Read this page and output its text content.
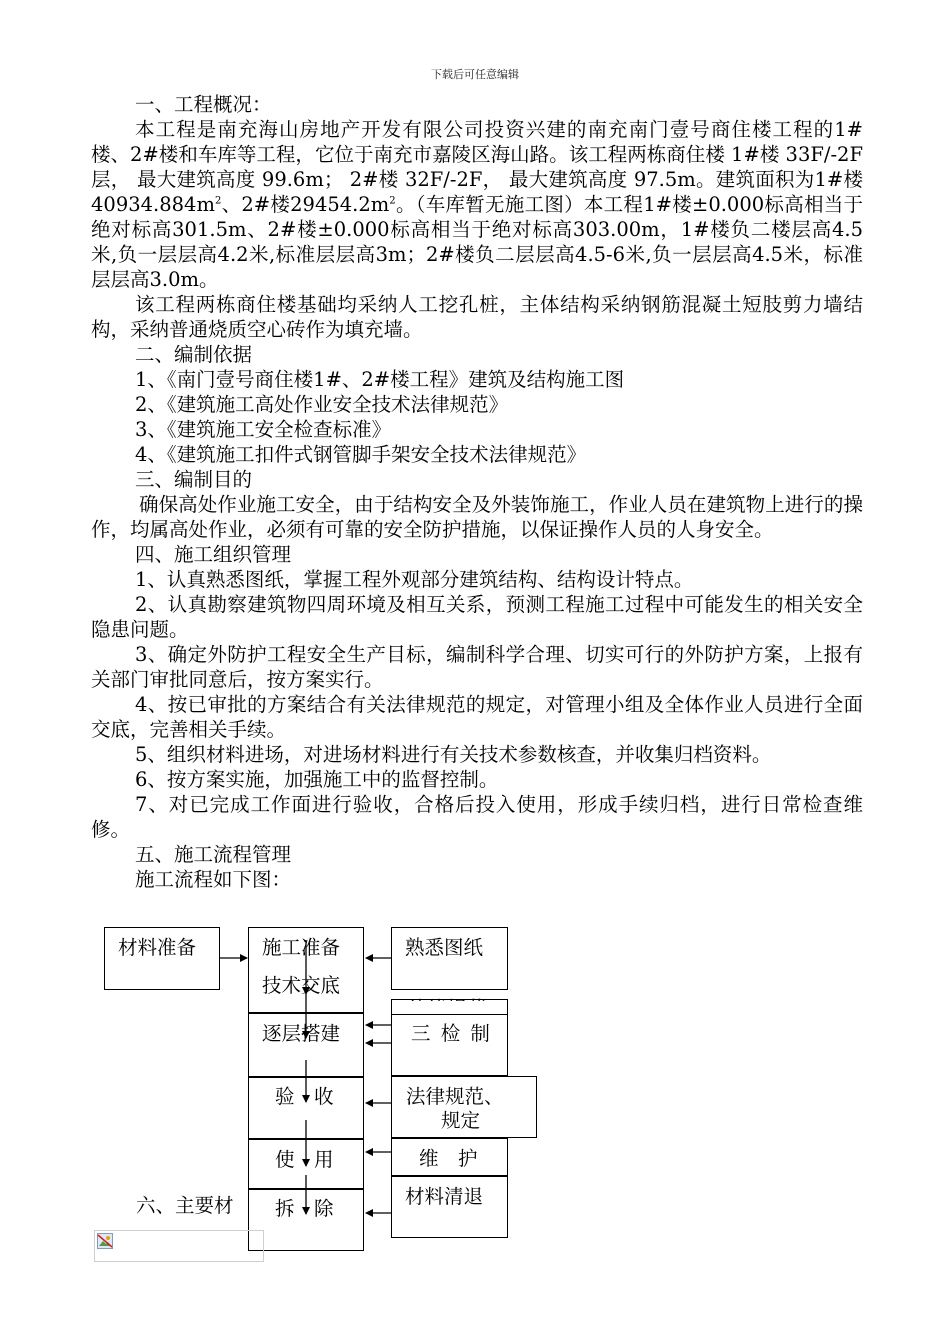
下载后可任意编辑

一、工程概况：

本工程是南充海山房地产开发有限公司投资兴建的南充南门壹号商住楼工程的1#楼、2#楼和车库等工程，它位于南充市嘉陵区海山路。该工程两栋商住楼 1#楼 33F/-2F 层， 最大建筑高度 99.6m； 2#楼 32F/-2F， 最大建筑高度 97.5m。建筑面积为1#楼$40934.884m^2$、2#楼$29454.2m^2$。（车库暂无施工图）本工程1#楼±0.000标高相当于绝对标高301.5m、2#楼±0.000标高相当于绝对标高303.00m，1#楼负二楼层高4.5米,负一层层高4.2米,标准层层高3m；2#楼负二层层高4.5-6米,负一层层高4.5米，标准层层高3.0m。

该工程两栋商住楼基础均采纳人工挖孔桩，主体结构采纳钢筋混凝土短肢剪力墙结构，采纳普通烧质空心砖作为填充墙。

二、编制依据

1、《南门壹号商住楼1#、2#楼工程》建筑及结构施工图

2、《建筑施工高处作业安全技术法律规范》

3、《建筑施工安全检查标准》

4、《建筑施工扣件式钢管脚手架安全技术法律规范》

三、编制目的

确保高处作业施工安全，由于结构安全及外装饰施工，作业人员在建筑物上进行的操作，均属高处作业，必须有可靠的安全防护措施，以保证操作人员的人身安全。

四、施工组织管理

1、认真熟悉图纸，掌握工程外观部分建筑结构、结构设计特点。

2、认真勘察建筑物四周环境及相互关系，预测工程施工过程中可能发生的相关安全隐患问题。

3、确定外防护工程安全生产目标，编制科学合理、切实可行的外防护方案，上报有关部门审批同意后，按方案实行。

4、按已审批的方案结合有关法律规范的规定，对管理小组及全体作业人员进行全面交底，完善相关手续。

5、组织材料进场，对进场材料进行有关技术参数核查，并收集归档资料。

6、按方案实施，加强施工中的监督控制。

7、对已完成工作面进行验收，合格后投入使用，形成手续归档，进行日常检查维修。

五、施工流程管理

施工流程如下图：

材料准备	施工准备
技术交底
逐层搭建
验　收
使　用
拆　除
熟悉图纸
三 检 制
法律规范、
规定
维　护
材料清退
六、主要材
